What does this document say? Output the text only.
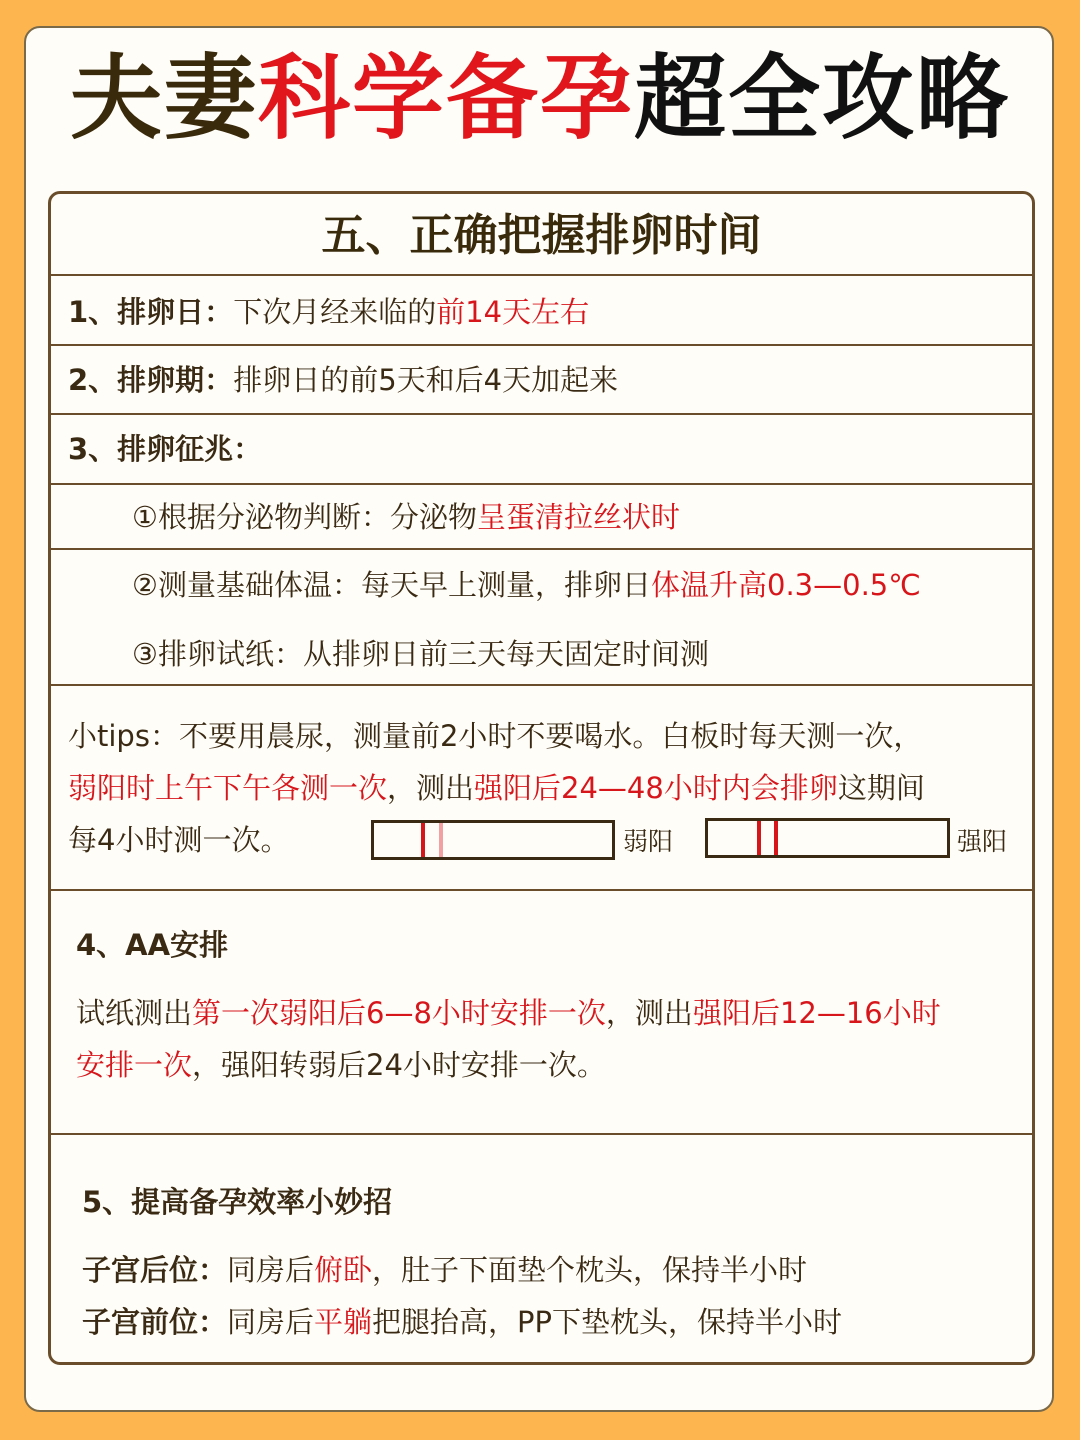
夫妻科学备孕超全攻略
五、正确把握排卵时间
1、排卵日：下次月经来临的前14天左右
2、排卵期：排卵日的前5天和后4天加起来
3、排卵征兆：
①根据分泌物判断：分泌物呈蛋清拉丝状时
②测量基础体温：每天早上测量，排卵日体温升高0.3—0.5℃
③排卵试纸：从排卵日前三天每天固定时间测
小tips：不要用晨尿，测量前2小时不要喝水。白板时每天测一次，
弱阳时上午下午各测一次，测出强阳后24—48小时内会排卵这期间
每4小时测一次。	弱阳	强阳
4、AA安排
试纸测出第一次弱阳后6—8小时安排一次，测出强阳后12—16小时
安排一次，强阳转弱后24小时安排一次。
5、提高备孕效率小妙招
子宫后位：同房后俯卧，肚子下面垫个枕头，保持半小时
子宫前位：同房后平躺把腿抬高，PP下垫枕头，保持半小时
